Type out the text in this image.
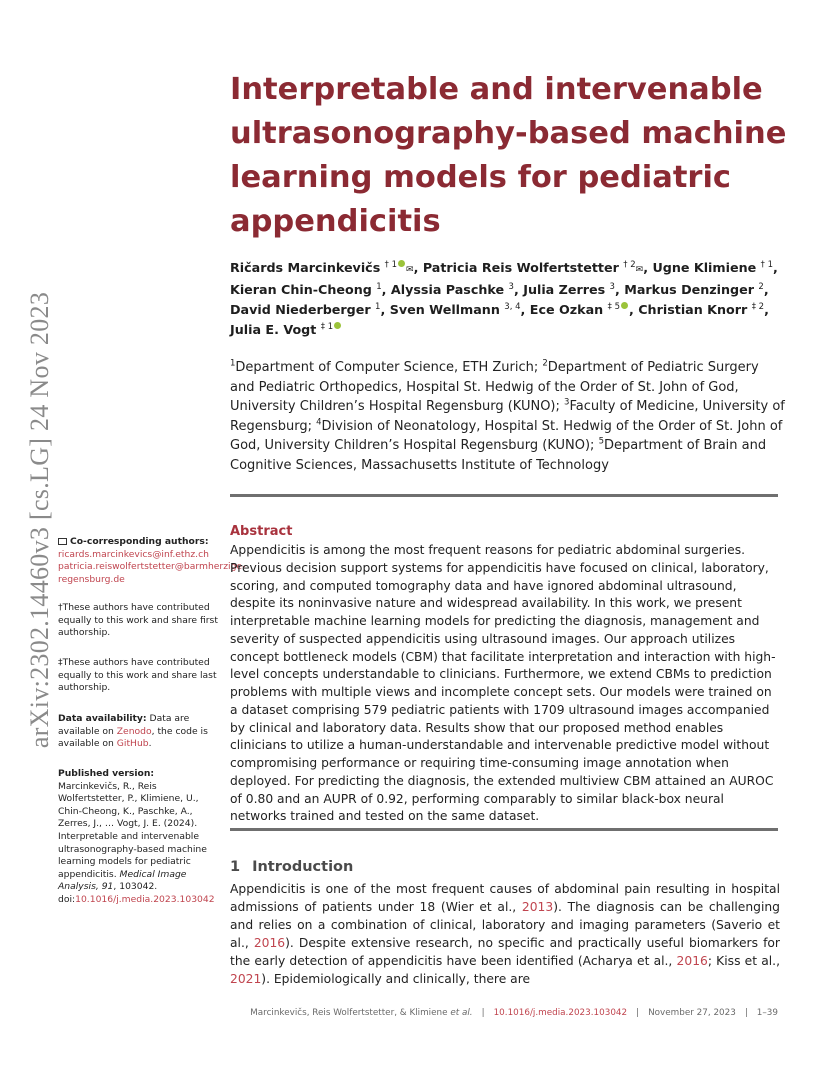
arXiv:2302.14460v3 [cs.LG] 24 Nov 2023
Interpretable and intervenable ultrasonography-based machine learning models for pediatric appendicitis
Ričards Marcinkevičs $^{\dagger 1}$✉, Patricia Reis Wolfertstetter $^{\dagger 2}$✉, Ugne Klimiene $^{\dagger 1}$, Kieran Chin-Cheong $^1$, Alyssia Paschke $^3$, Julia Zerres $^3$, Markus Denzinger $^2$, David Niederberger $^1$, Sven Wellmann $^{3, 4}$, Ece Ozkan $^{\ddagger 5}$ , Christian Knorr $^{\ddagger 2}$, Julia E. Vogt $^{\ddagger 1}$
$^1$Department of Computer Science, ETH Zurich; $^2$Department of Pediatric Surgery and Pediatric Orthopedics, Hospital St. Hedwig of the Order of St. John of God, University Children’s Hospital Regensburg (KUNO); $^3$Faculty of Medicine, University of Regensburg; $^4$Division of Neonatology, Hospital St. Hedwig of the Order of St. John of God, University Children’s Hospital Regensburg (KUNO); $^5$Department of Brain and Cognitive Sciences, Massachusetts Institute of Technology
Co-corresponding authors:
ricards.marcinkevics@inf.ethz.ch
patricia.reiswolfertstetter@barmherzige-regensburg.de
†These authors have contributed equally to this work and share first authorship.
‡These authors have contributed equally to this work and share last authorship.
Data availability: Data are available on Zenodo, the code is available on GitHub.
Published version: Marcinkevičs, R., Reis Wolfertstetter, P., Klimiene, U., Chin-Cheong, K., Paschke, A., Zerres, J., … Vogt, J. E. (2024). Interpretable and intervenable ultrasonography-based machine learning models for pediatric appendicitis. Medical Image Analysis, 91, 103042. doi:10.1016/j.media.2023.103042
Abstract
Appendicitis is among the most frequent reasons for pediatric abdominal surgeries. Previous decision support systems for appendicitis have focused on clinical, laboratory, scoring, and computed tomography data and have ignored abdominal ultrasound, despite its noninvasive nature and widespread availability. In this work, we present interpretable machine learning models for predicting the diagnosis, management and severity of suspected appendicitis using ultrasound images. Our approach utilizes concept bottleneck models (CBM) that facilitate interpretation and interaction with high-level concepts understandable to clinicians. Furthermore, we extend CBMs to prediction problems with multiple views and incomplete concept sets. Our models were trained on a dataset comprising 579 pediatric patients with 1709 ultrasound images accompanied by clinical and laboratory data. Results show that our proposed method enables clinicians to utilize a human-understandable and intervenable predictive model without compromising performance or requiring time-consuming image annotation when deployed. For predicting the diagnosis, the extended multiview CBM attained an AUROC of 0.80 and an AUPR of 0.92, performing comparably to similar black-box neural networks trained and tested on the same dataset.
1 Introduction
Appendicitis is one of the most frequent causes of abdominal pain resulting in hospital admissions of patients under 18 (Wier et al., 2013). The diagnosis can be challenging and relies on a combination of clinical, laboratory and imaging parameters (Saverio et al., 2016). Despite extensive research, no specific and practically useful biomarkers for the early detection of appendicitis have been identified (Acharya et al., 2016; Kiss et al., 2021). Epidemiologically and clinically, there are
Marcinkevičs, Reis Wolfertstetter, & Klimiene et al. | 10.1016/j.media.2023.103042 | November 27, 2023 | 1–39
